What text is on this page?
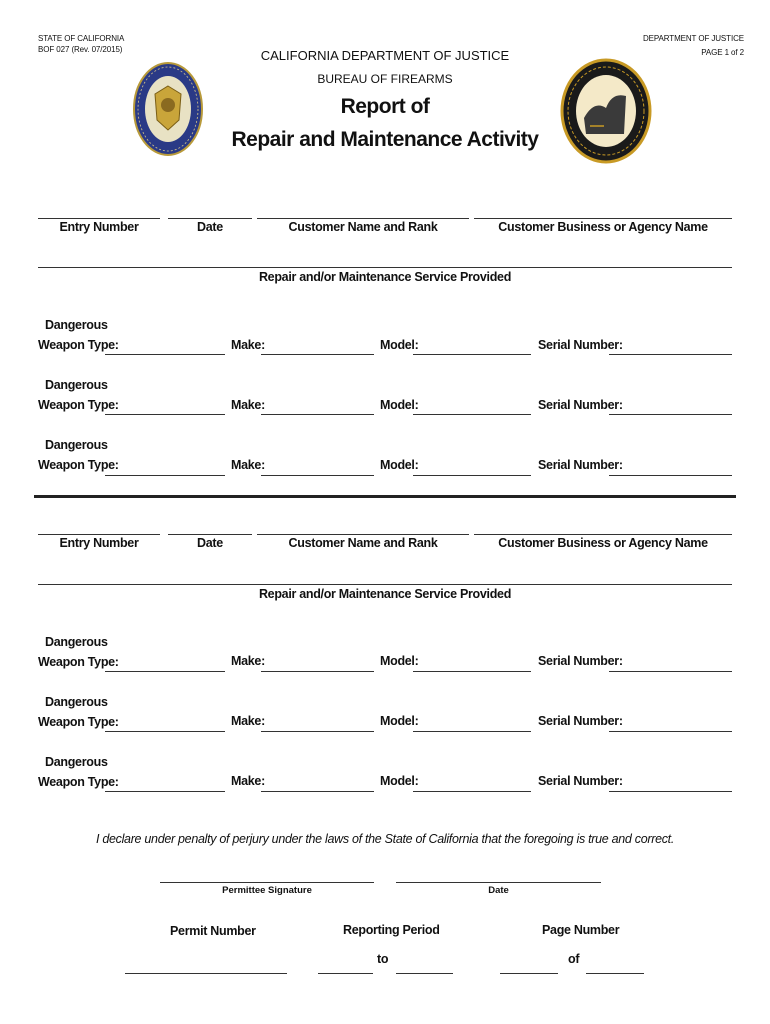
STATE OF CALIFORNIA
BOF 027 (Rev. 07/2015)
DEPARTMENT OF JUSTICE
PAGE 1 of 2
CALIFORNIA DEPARTMENT OF JUSTICE
BUREAU OF FIREARMS
Report of
Repair and Maintenance Activity
Entry Number	Date	Customer Name and Rank	Customer Business or Agency Name
Repair and/or Maintenance Service Provided
Dangerous
Weapon Type:	Make:	Model:	Serial Number:
Dangerous
Weapon Type:	Make:	Model:	Serial Number:
Dangerous
Weapon Type:	Make:	Model:	Serial Number:
Entry Number	Date	Customer Name and Rank	Customer Business or Agency Name
Repair and/or Maintenance Service Provided
Dangerous
Weapon Type:	Make:	Model:	Serial Number:
Dangerous
Weapon Type:	Make:	Model:	Serial Number:
Dangerous
Weapon Type:	Make:	Model:	Serial Number:
I declare under penalty of perjury under the laws of the State of California that the foregoing is true and correct.
Permittee Signature	Date
Permit Number	Reporting Period
to
Page Number
of
